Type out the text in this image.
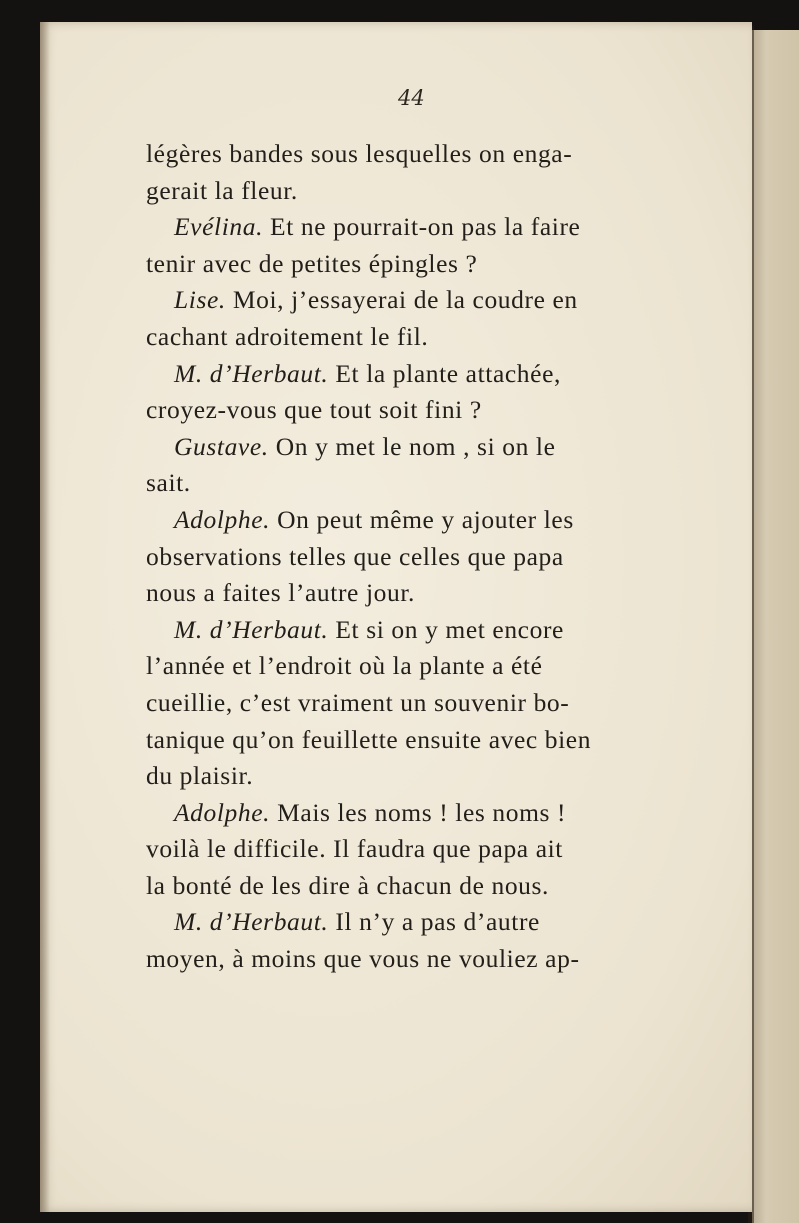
44
légères bandes sous lesquelles on enga-
gerait la fleur.
Evélina. Et ne pourrait-on pas la faire
tenir avec de petites épingles ?
Lise. Moi, j’essayerai de la coudre en
cachant adroitement le fil.
M. d’Herbaut. Et la plante attachée,
croyez-vous que tout soit fini ?
Gustave. On y met le nom , si on le
sait.
Adolphe. On peut même y ajouter les
observations telles que celles que papa
nous a faites l’autre jour.
M. d’Herbaut. Et si on y met encore
l’année et l’endroit où la plante a été
cueillie, c’est vraiment un souvenir bo-
tanique qu’on feuillette ensuite avec bien
du plaisir.
Adolphe. Mais les noms ! les noms !
voilà le difficile. Il faudra que papa ait
la bonté de les dire à chacun de nous.
M. d’Herbaut. Il n’y a pas d’autre
moyen, à moins que vous ne vouliez ap-
